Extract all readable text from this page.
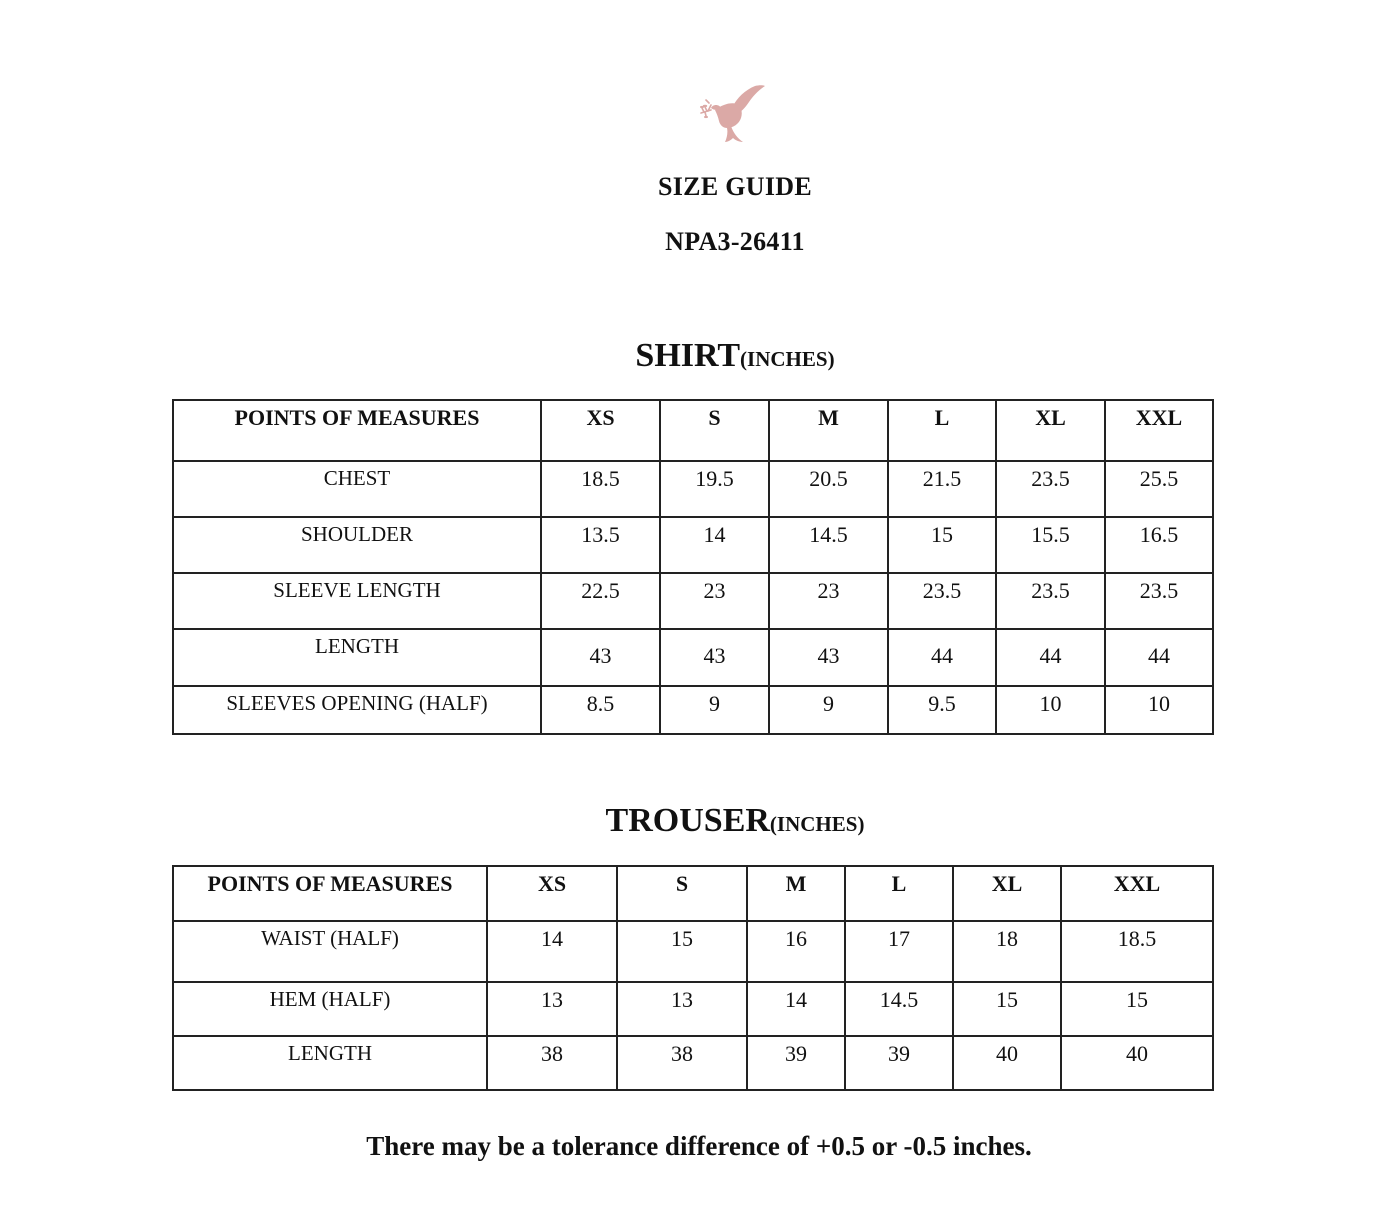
SIZE GUIDE
NPA3-26411
SHIRT(INCHES)
POINTS OF MEASURES	XS	S	M	L	XL	XXL
CHEST	18.5	19.5	20.5	21.5	23.5	25.5
SHOULDER	13.5	14	14.5	15	15.5	16.5
SLEEVE LENGTH	22.5	23	23	23.5	23.5	23.5
LENGTH	43	43	43	44	44	44
SLEEVES OPENING (HALF)	8.5	9	9	9.5	10	10
TROUSER(INCHES)
POINTS OF MEASURES	XS	S	M	L	XL	XXL
WAIST (HALF)	14	15	16	17	18	18.5
HEM (HALF)	13	13	14	14.5	15	15
LENGTH	38	38	39	39	40	40
There may be a tolerance difference of +0.5 or -0.5 inches.
